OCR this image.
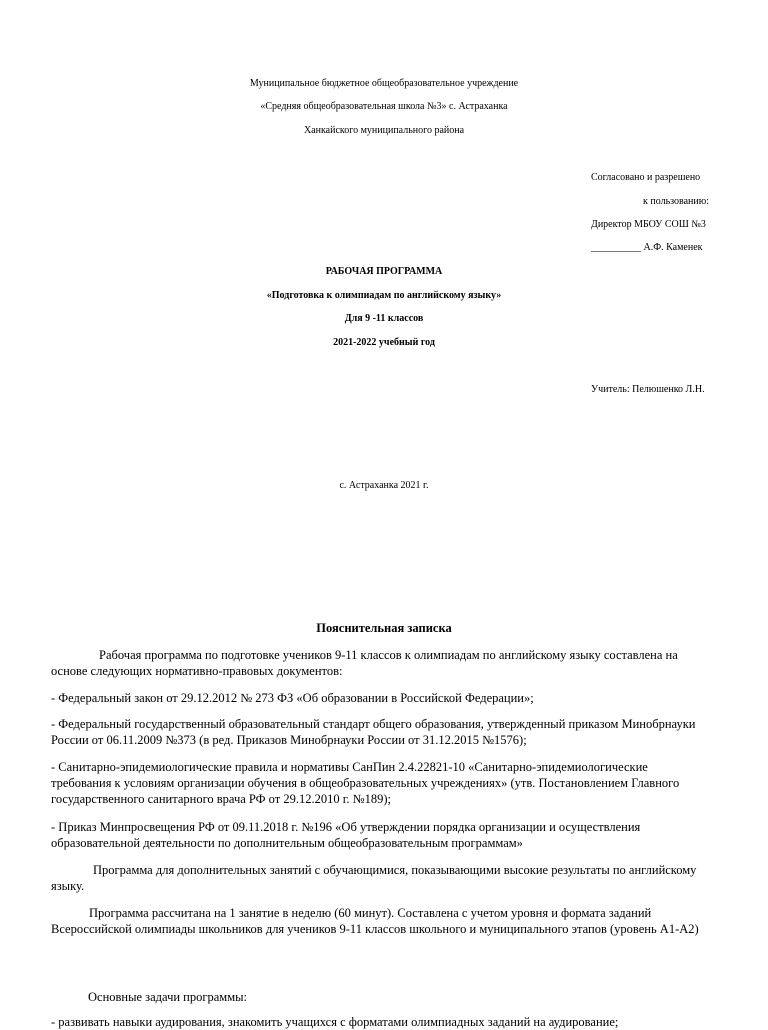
Муниципальное бюджетное общеобразовательное учреждение
«Средняя общеобразовательная школа №3» с. Астраханка
Ханкайского муниципального района
Согласовано и разрешено
к пользованию:
Директор МБОУ СОШ №3
__________ А.Ф. Каменек
РАБОЧАЯ ПРОГРАММА
«Подготовка к олимпиадам по английскому языку»
Для 9 -11 классов
2021-2022 учебный год
Учитель: Пелюшенко Л.Н.
с. Астраханка 2021 г.
Пояснительная записка
Рабочая программа по подготовке учеников 9-11 классов к олимпиадам по английскому языку составлена на основе следующих нормативно-правовых документов:
- Федеральный закон от 29.12.2012 № 273 ФЗ «Об образовании в Российской Федерации»;
- Федеральный государственный образовательный стандарт общего образования, утвержденный приказом Минобрнауки России от 06.11.2009 №373 (в ред. Приказов Минобрнауки России от 31.12.2015 №1576);
- Санитарно-эпидемиологические правила и нормативы СанПин 2.4.22821-10 «Санитарно-эпидемиологические требования к условиям организации обучения в общеобразовательных учреждениях» (утв. Постановлением Главного государственного санитарного врача РФ от 29.12.2010 г. №189);
- Приказ Минпросвещения РФ от 09.11.2018 г. №196 «Об утверждении порядка организации и осуществления образовательной деятельности по дополнительным общеобразовательным программам»
Программа для дополнительных занятий с обучающимися, показывающими высокие результаты по английскому языку.
Программа рассчитана на 1 занятие в неделю (60 минут). Составлена с учетом уровня и формата заданий Всероссийской олимпиады школьников для учеников 9-11 классов школьного и муниципального этапов (уровень А1-А2)
Основные задачи программы:
- развивать навыки аудирования, знакомить учащихся с форматами олимпиадных заданий на аудирование;
